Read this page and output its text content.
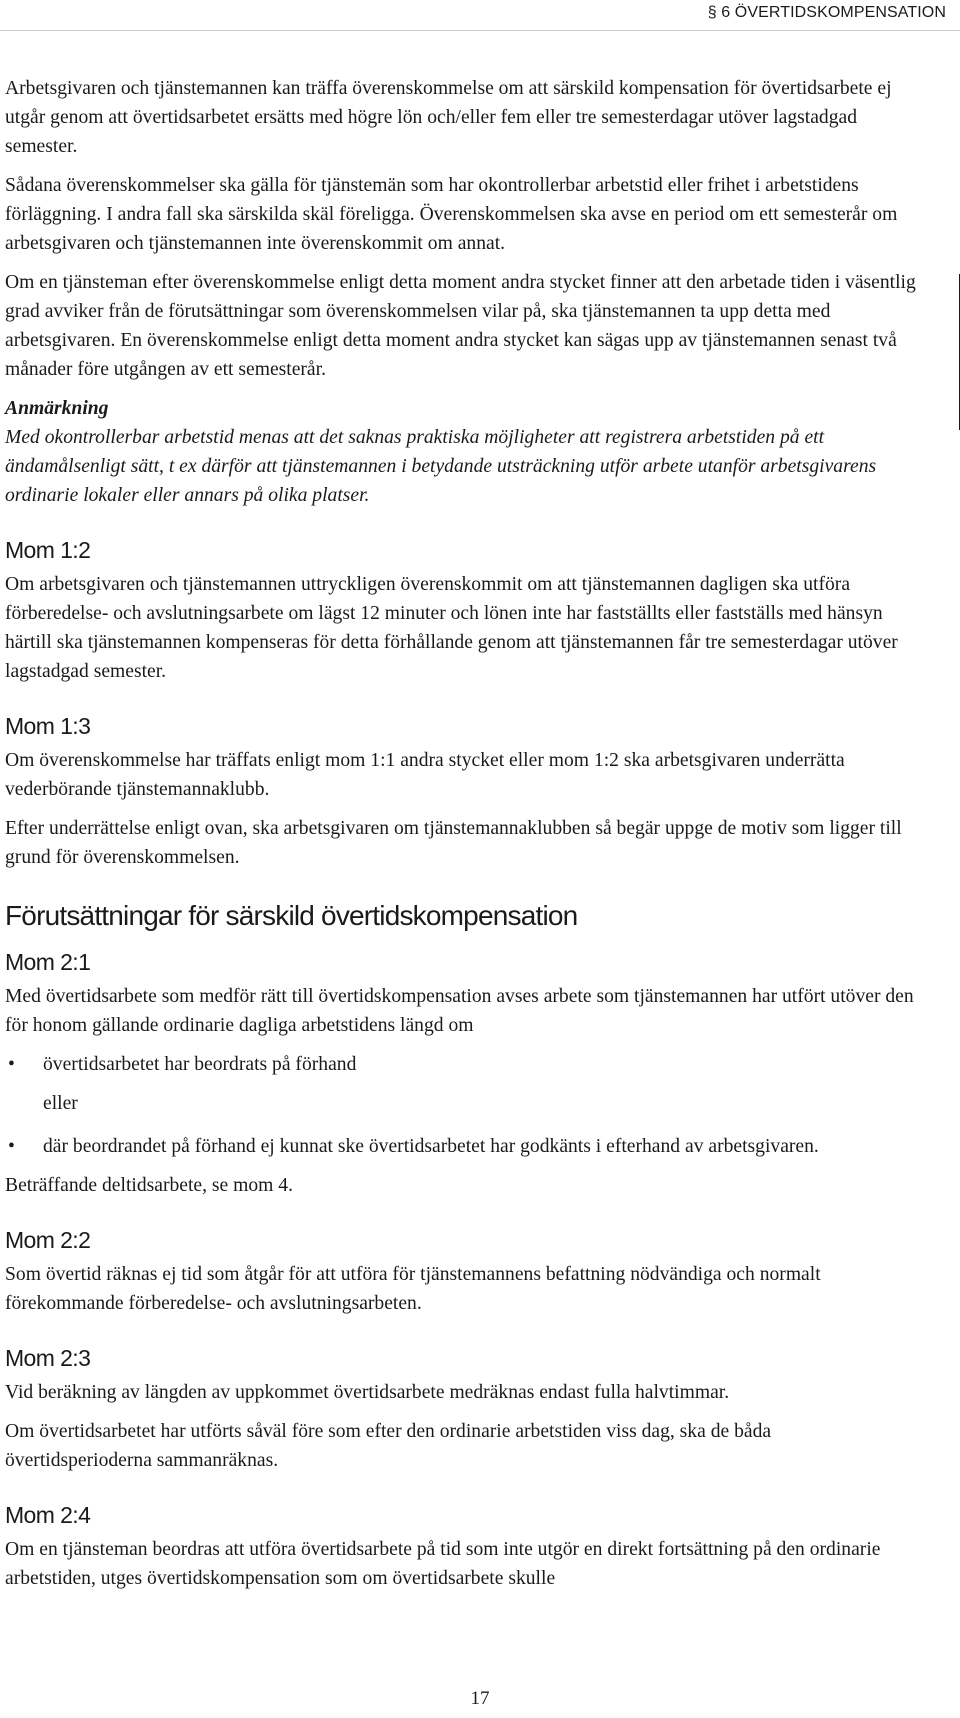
§ 6 ÖVERTIDSKOMPENSATION

Arbetsgivaren och tjänstemannen kan träffa överenskommelse om att särskild kompensation för övertidsarbete ej utgår genom att övertidsarbetet ersätts med högre lön och/eller fem eller tre semesterdagar utöver lagstadgad semester.

Sådana överenskommelser ska gälla för tjänstemän som har okontrollerbar arbetstid eller frihet i arbetstidens förläggning. I andra fall ska särskilda skäl föreligga. Överenskommelsen ska avse en period om ett semesterår om arbetsgivaren och tjänstemannen inte överenskommit om annat.

Om en tjänsteman efter överenskommelse enligt detta moment andra stycket finner att den arbetade tiden i väsentlig grad avviker från de förutsättningar som överenskommelsen vilar på, ska tjänstemannen ta upp detta med arbetsgivaren. En överenskommelse enligt detta moment andra stycket kan sägas upp av tjänstemannen senast två månader före utgången av ett semesterår.

Anmärkning

Med okontrollerbar arbetstid menas att det saknas praktiska möjligheter att registrera arbetstiden på ett ändamålsenligt sätt, t ex därför att tjänstemannen i betydande utsträckning utför arbete utanför arbetsgivarens ordinarie lokaler eller annars på olika platser.

Mom 1:2

Om arbetsgivaren och tjänstemannen uttryckligen överenskommit om att tjänstemannen dagligen ska utföra förberedelse- och avslutningsarbete om lägst 12 minuter och lönen inte har fastställts eller fastställs med hänsyn härtill ska tjänstemannen kompenseras för detta förhållande genom att tjänstemannen får tre semesterdagar utöver lagstadgad semester.

Mom 1:3

Om överenskommelse har träffats enligt mom 1:1 andra stycket eller mom 1:2 ska arbetsgivaren underrätta vederbörande tjänstemannaklubb.

Efter underrättelse enligt ovan, ska arbetsgivaren om tjänstemannaklubben så begär uppge de motiv som ligger till grund för överenskommelsen.

Förutsättningar för särskild övertidskompensation
Mom 2:1

Med övertidsarbete som medför rätt till övertidskompensation avses arbete som tjänstemannen har utfört utöver den för honom gällande ordinarie dagliga arbetstidens längd om

• övertidsarbetet har beordrats på förhand
eller
• där beordrandet på förhand ej kunnat ske övertidsarbetet har godkänts i efterhand av arbetsgivaren.

Beträffande deltidsarbete, se mom 4.

Mom 2:2

Som övertid räknas ej tid som åtgår för att utföra för tjänstemannens befattning nödvändiga och normalt förekommande förberedelse- och avslutningsarbeten.

Mom 2:3

Vid beräkning av längden av uppkommet övertidsarbete medräknas endast fulla halvtimmar.

Om övertidsarbetet har utförts såväl före som efter den ordinarie arbetstiden viss dag, ska de båda övertidsperioderna sammanräknas.

Mom 2:4

Om en tjänsteman beordras att utföra övertidsarbete på tid som inte utgör en direkt fortsättning på den ordinarie arbetstiden, utges övertidskompensation som om övertidsarbete skulle

17
